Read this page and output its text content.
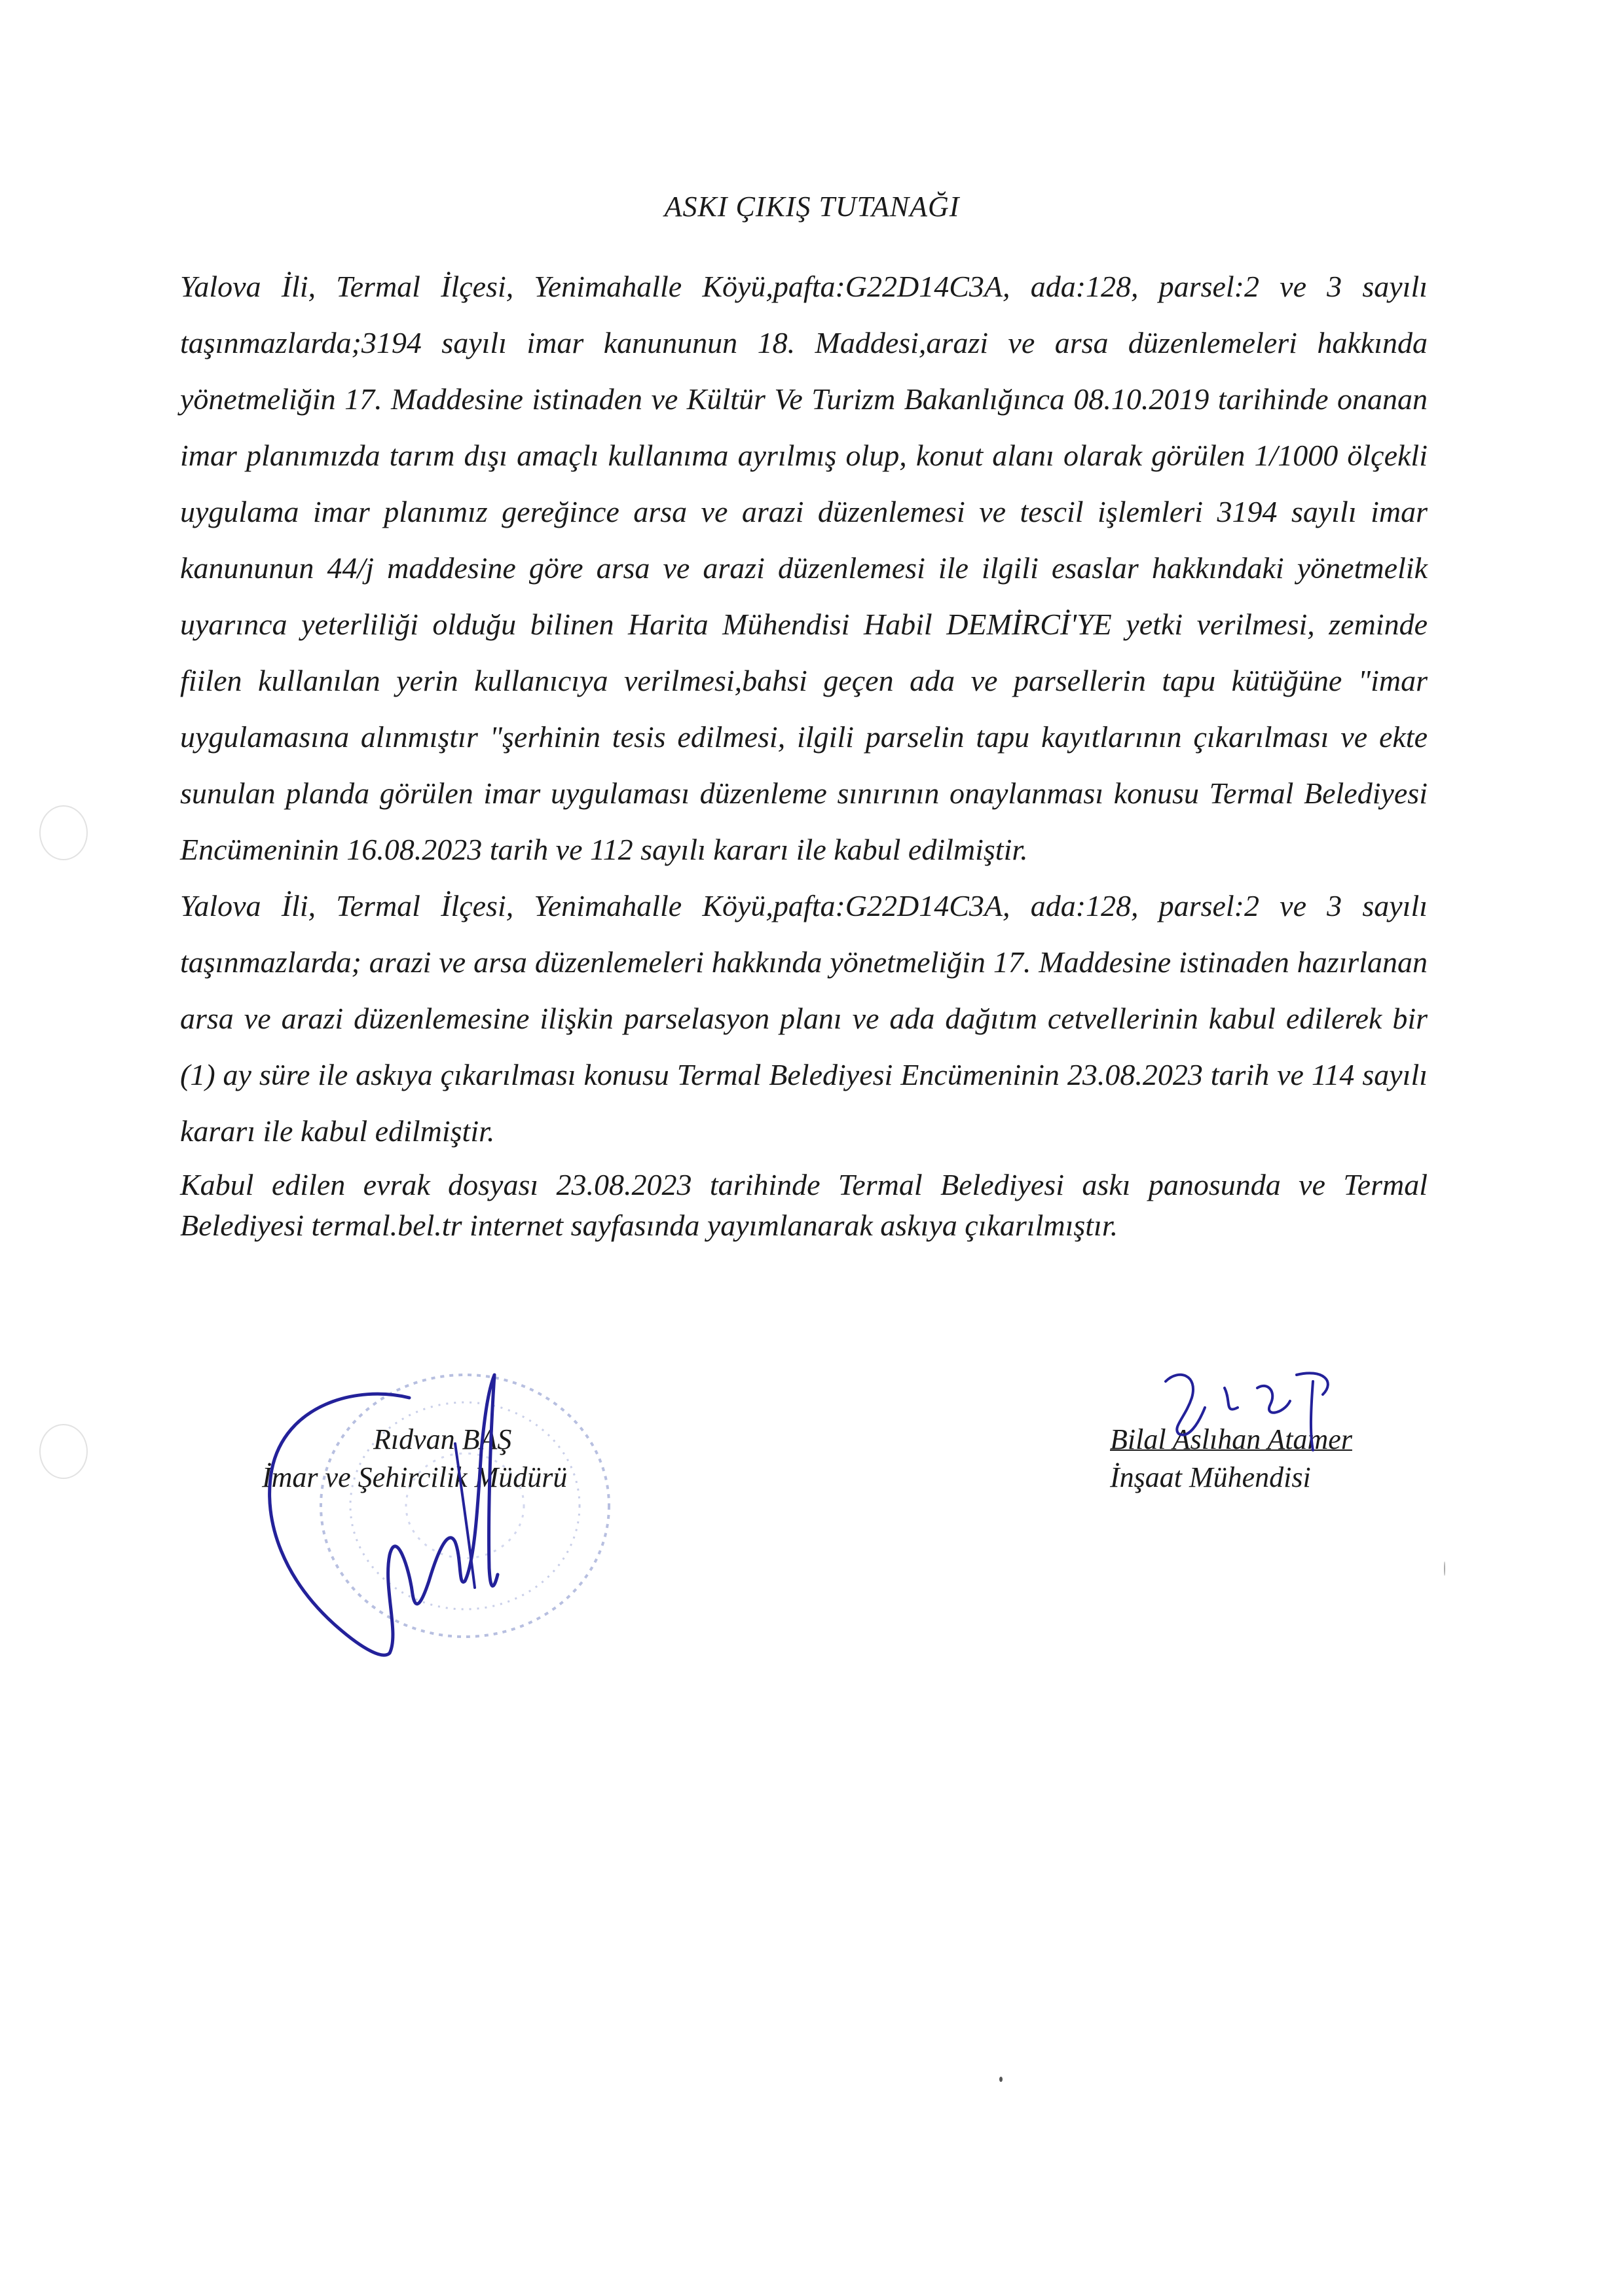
ASKI ÇIKIŞ TUTANAĞI

Yalova İli, Termal İlçesi, Yenimahalle Köyü,pafta:G22D14C3A, ada:128, parsel:2 ve 3 sayılı taşınmazlarda;3194 sayılı imar kanununun 18. Maddesi,arazi ve arsa düzenlemeleri hakkında yönetmeliğin 17. Maddesine istinaden ve Kültür Ve Turizm Bakanlığınca 08.10.2019 tarihinde onanan imar planımızda tarım dışı amaçlı kullanıma ayrılmış olup, konut alanı olarak görülen 1/1000 ölçekli uygulama imar planımız gereğince arsa ve arazi düzenlemesi ve tescil işlemleri 3194 sayılı imar kanununun 44/j maddesine göre arsa ve arazi düzenlemesi ile ilgili esaslar hakkındaki yönetmelik uyarınca yeterliliği olduğu bilinen Harita Mühendisi Habil DEMİRCİ'YE yetki verilmesi, zeminde fiilen kullanılan yerin kullanıcıya verilmesi,bahsi geçen ada ve parsellerin tapu kütüğüne "imar uygulamasına alınmıştır "şerhinin tesis edilmesi, ilgili parselin tapu kayıtlarının çıkarılması ve ekte sunulan planda görülen imar uygulaması düzenleme sınırının onaylanması konusu Termal Belediyesi Encümeninin 16.08.2023 tarih ve 112 sayılı kararı ile kabul edilmiştir.

Yalova İli, Termal İlçesi, Yenimahalle Köyü,pafta:G22D14C3A, ada:128, parsel:2 ve 3 sayılı taşınmazlarda; arazi ve arsa düzenlemeleri hakkında yönetmeliğin 17. Maddesine istinaden hazırlanan arsa ve arazi düzenlemesine ilişkin parselasyon planı ve ada dağıtım cetvellerinin kabul edilerek bir (1) ay süre ile askıya çıkarılması konusu Termal Belediyesi Encümeninin 23.08.2023 tarih ve 114 sayılı kararı ile kabul edilmiştir.

Kabul edilen evrak dosyası 23.08.2023 tarihinde Termal Belediyesi askı panosunda ve Termal Belediyesi termal.bel.tr internet sayfasında yayımlanarak askıya çıkarılmıştır.

Rıdvan BAŞ
İmar ve Şehircilik Müdürü
Bilal Aslıhan Atamer
İnşaat Mühendisi
